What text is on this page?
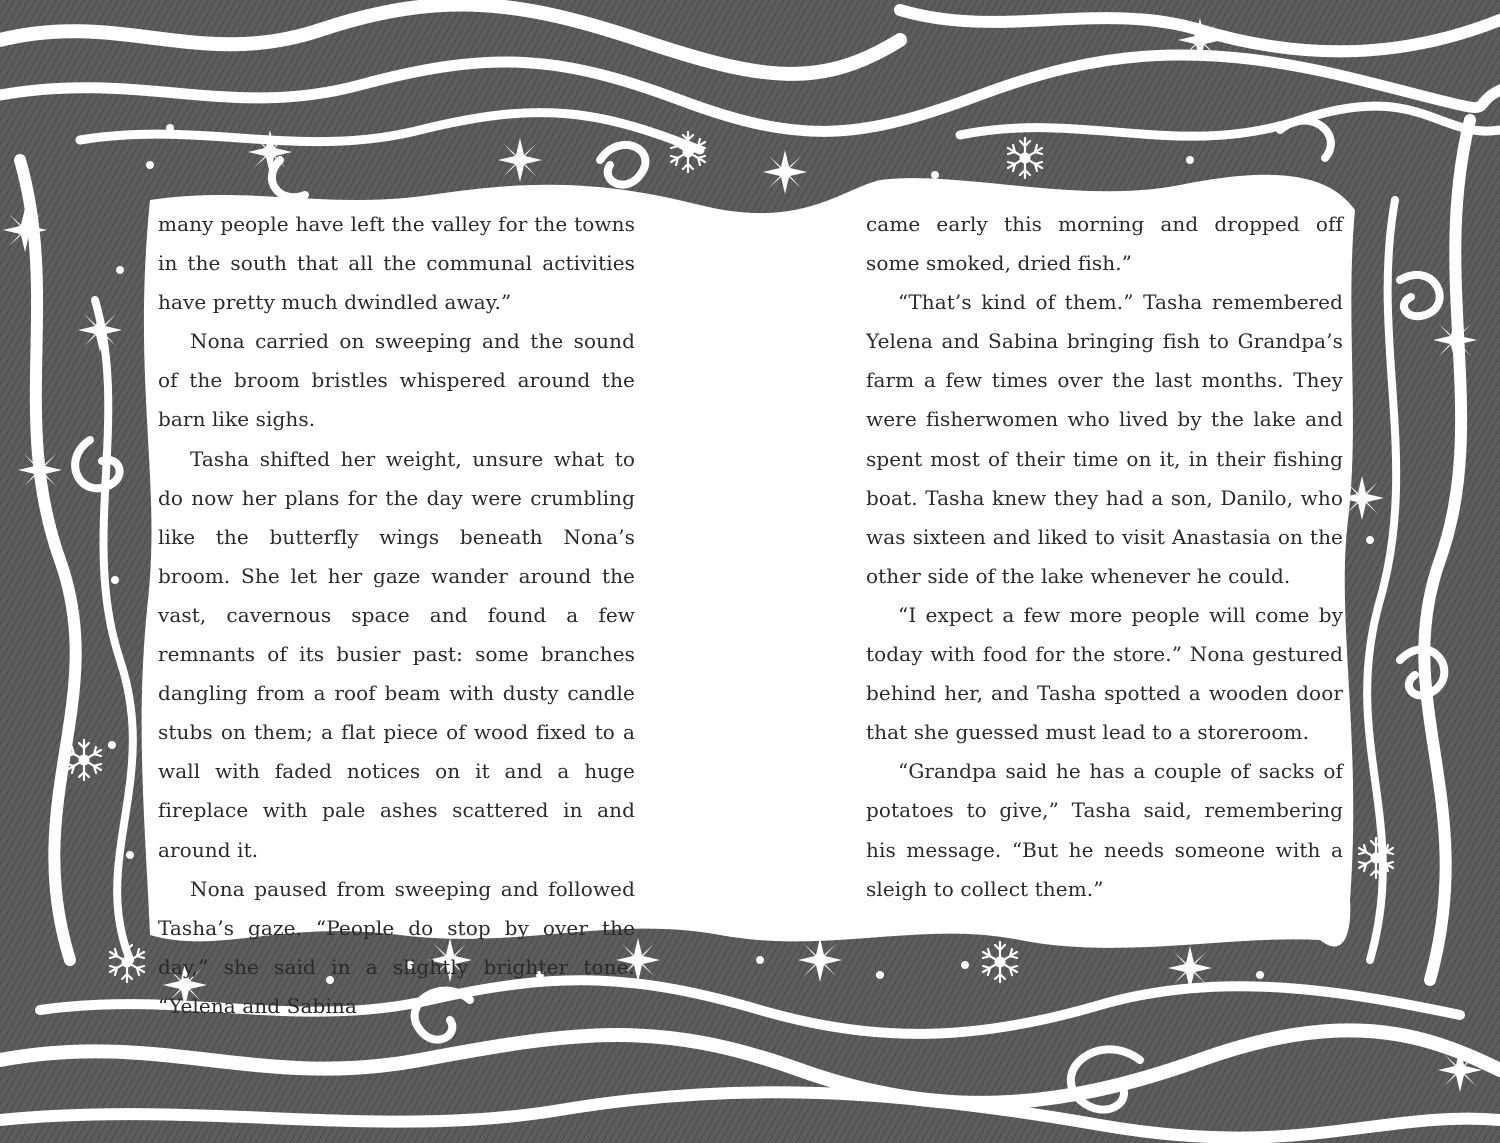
many people have left the valley for the towns in the south that all the communal activities have pretty much dwindled away.”

Nona carried on sweeping and the sound of the broom bristles whispered around the barn like sighs.

Tasha shifted her weight, unsure what to do now her plans for the day were crumbling like the butterfly wings beneath Nona’s broom. She let her gaze wander around the vast, cavernous space and found a few remnants of its busier past: some branches dangling from a roof beam with dusty candle stubs on them; a flat piece of wood fixed to a wall with faded notices on it and a huge fireplace with pale ashes scattered in and around it.

Nona paused from sweeping and followed Tasha’s gaze. “People do stop by over the day,” she said in a slightly brighter tone. “Yelena and Sabina

came early this morning and dropped off some smoked, dried fish.”

“That’s kind of them.” Tasha remembered Yelena and Sabina bringing fish to Grandpa’s farm a few times over the last months. They were fisherwomen who lived by the lake and spent most of their time on it, in their fishing boat. Tasha knew they had a son, Danilo, who was sixteen and liked to visit Anastasia on the other side of the lake whenever he could.

“I expect a few more people will come by today with food for the store.” Nona gestured behind her, and Tasha spotted a wooden door that she guessed must lead to a storeroom.

“Grandpa said he has a couple of sacks of potatoes to give,” Tasha said, remembering his message. “But he needs someone with a sleigh to collect them.”
